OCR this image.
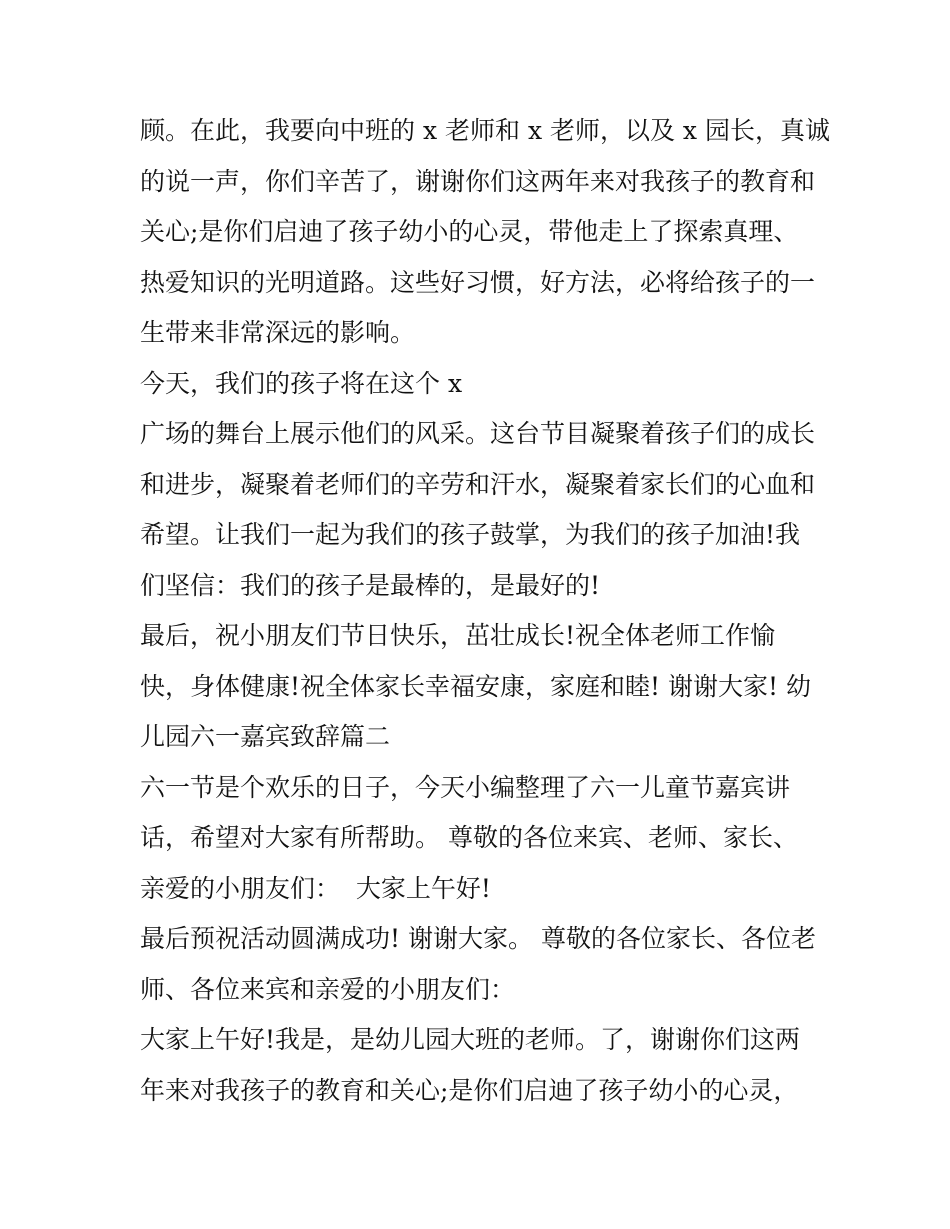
顾。在此，我要向中班的 x 老师和 x 老师，以及 x 园长，真诚
的说一声，你们辛苦了，谢谢你们这两年来对我孩子的教育和
关心;是你们启迪了孩子幼小的心灵，带他走上了探索真理、
热爱知识的光明道路。这些好习惯，好方法，必将给孩子的一
生带来非常深远的影响。
今天，我们的孩子将在这个 x
广场的舞台上展示他们的风采。这台节目凝聚着孩子们的成长
和进步，凝聚着老师们的辛劳和汗水，凝聚着家长们的心血和
希望。让我们一起为我们的孩子鼓掌，为我们的孩子加油!我
们坚信：我们的孩子是最棒的，是最好的!
最后，祝小朋友们节日快乐，茁壮成长!祝全体老师工作愉
快，身体健康!祝全体家长幸福安康，家庭和睦! 谢谢大家! 幼
儿园六一嘉宾致辞篇二
六一节是个欢乐的日子，今天小编整理了六一儿童节嘉宾讲
话，希望对大家有所帮助。 尊敬的各位来宾、老师、家长、
亲爱的小朋友们：  大家上午好!
最后预祝活动圆满成功! 谢谢大家。 尊敬的各位家长、各位老
师、各位来宾和亲爱的小朋友们：
大家上午好!我是，是幼儿园大班的老师。了，谢谢你们这两
年来对我孩子的教育和关心;是你们启迪了孩子幼小的心灵，
